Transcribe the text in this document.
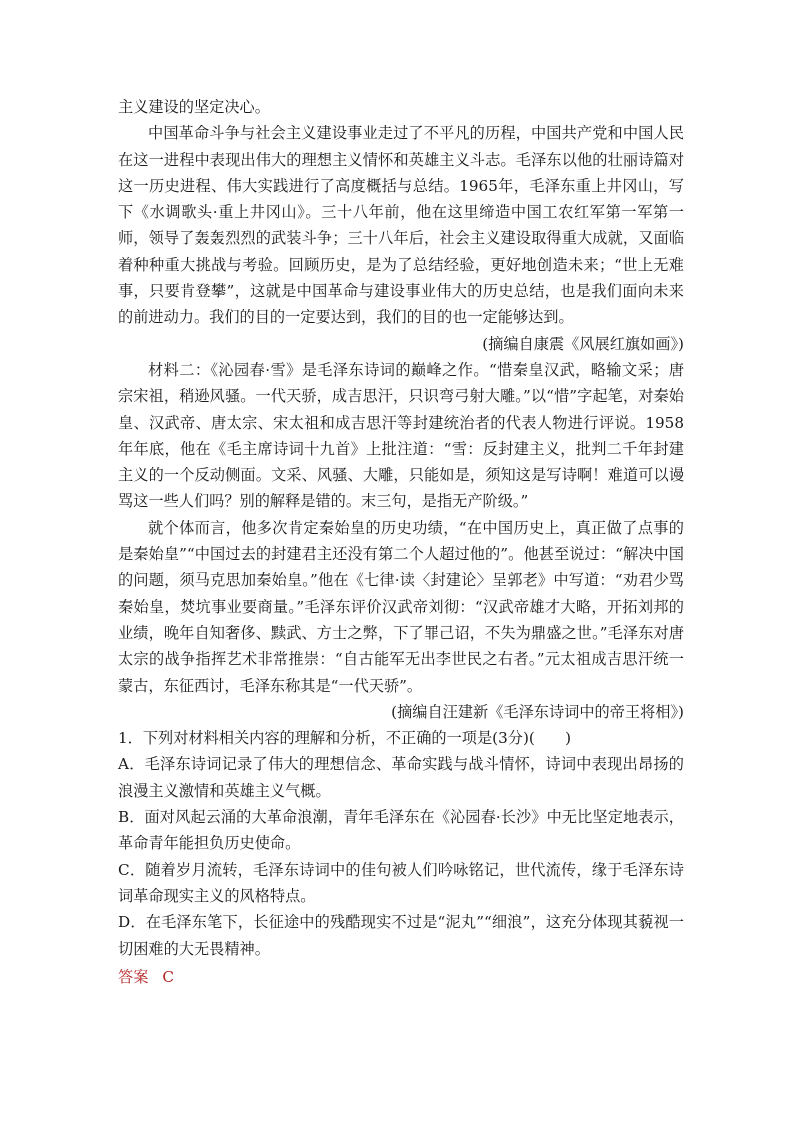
主义建设的坚定决心。

中国革命斗争与社会主义建设事业走过了不平凡的历程，中国共产党和中国人民在这一进程中表现出伟大的理想主义情怀和英雄主义斗志。毛泽东以他的壮丽诗篇对这一历史进程、伟大实践进行了高度概括与总结。1965年，毛泽东重上井冈山，写下《水调歌头·重上井冈山》。三十八年前，他在这里缔造中国工农红军第一军第一师，领导了轰轰烈烈的武装斗争；三十八年后，社会主义建设取得重大成就，又面临着种种重大挑战与考验。回顾历史，是为了总结经验，更好地创造未来；“世上无难事，只要肯登攀”，这就是中国革命与建设事业伟大的历史总结，也是我们面向未来的前进动力。我们的目的一定要达到，我们的目的也一定能够达到。

(摘编自康震《风展红旗如画》)

材料二：《沁园春·雪》是毛泽东诗词的巅峰之作。“惜秦皇汉武，略输文采；唐宗宋祖，稍逊风骚。一代天骄，成吉思汗，只识弯弓射大雕。”以“惜”字起笔，对秦始皇、汉武帝、唐太宗、宋太祖和成吉思汗等封建统治者的代表人物进行评说。1958年年底，他在《毛主席诗词十九首》上批注道：“雪：反封建主义，批判二千年封建主义的一个反动侧面。文采、风骚、大雕，只能如是，须知这是写诗啊！难道可以谩骂这一些人们吗？别的解释是错的。末三句，是指无产阶级。”

就个体而言，他多次肯定秦始皇的历史功绩，“在中国历史上，真正做了点事的是秦始皇”“中国过去的封建君主还没有第二个人超过他的”。他甚至说过：“解决中国的问题，须马克思加秦始皇。”他在《七律·读〈封建论〉呈郭老》中写道：“劝君少骂秦始皇，焚坑事业要商量。”毛泽东评价汉武帝刘彻：“汉武帝雄才大略，开拓刘邦的业绩，晚年自知奢侈、黩武、方士之弊，下了罪己诏，不失为鼎盛之世。”毛泽东对唐太宗的战争指挥艺术非常推崇：“自古能军无出李世民之右者。”元太祖成吉思汗统一蒙古，东征西讨，毛泽东称其是“一代天骄”。

(摘编自汪建新《毛泽东诗词中的帝王将相》)

1．下列对材料相关内容的理解和分析，不正确的一项是(3分)(　　)

A．毛泽东诗词记录了伟大的理想信念、革命实践与战斗情怀，诗词中表现出昂扬的浪漫主义激情和英雄主义气概。

B．面对风起云涌的大革命浪潮，青年毛泽东在《沁园春·长沙》中无比坚定地表示，革命青年能担负历史使命。

C．随着岁月流转，毛泽东诗词中的佳句被人们吟咏铭记，世代流传，缘于毛泽东诗词革命现实主义的风格特点。

D．在毛泽东笔下，长征途中的残酷现实不过是“泥丸”“细浪”，这充分体现其藐视一切困难的大无畏精神。

答案 C
